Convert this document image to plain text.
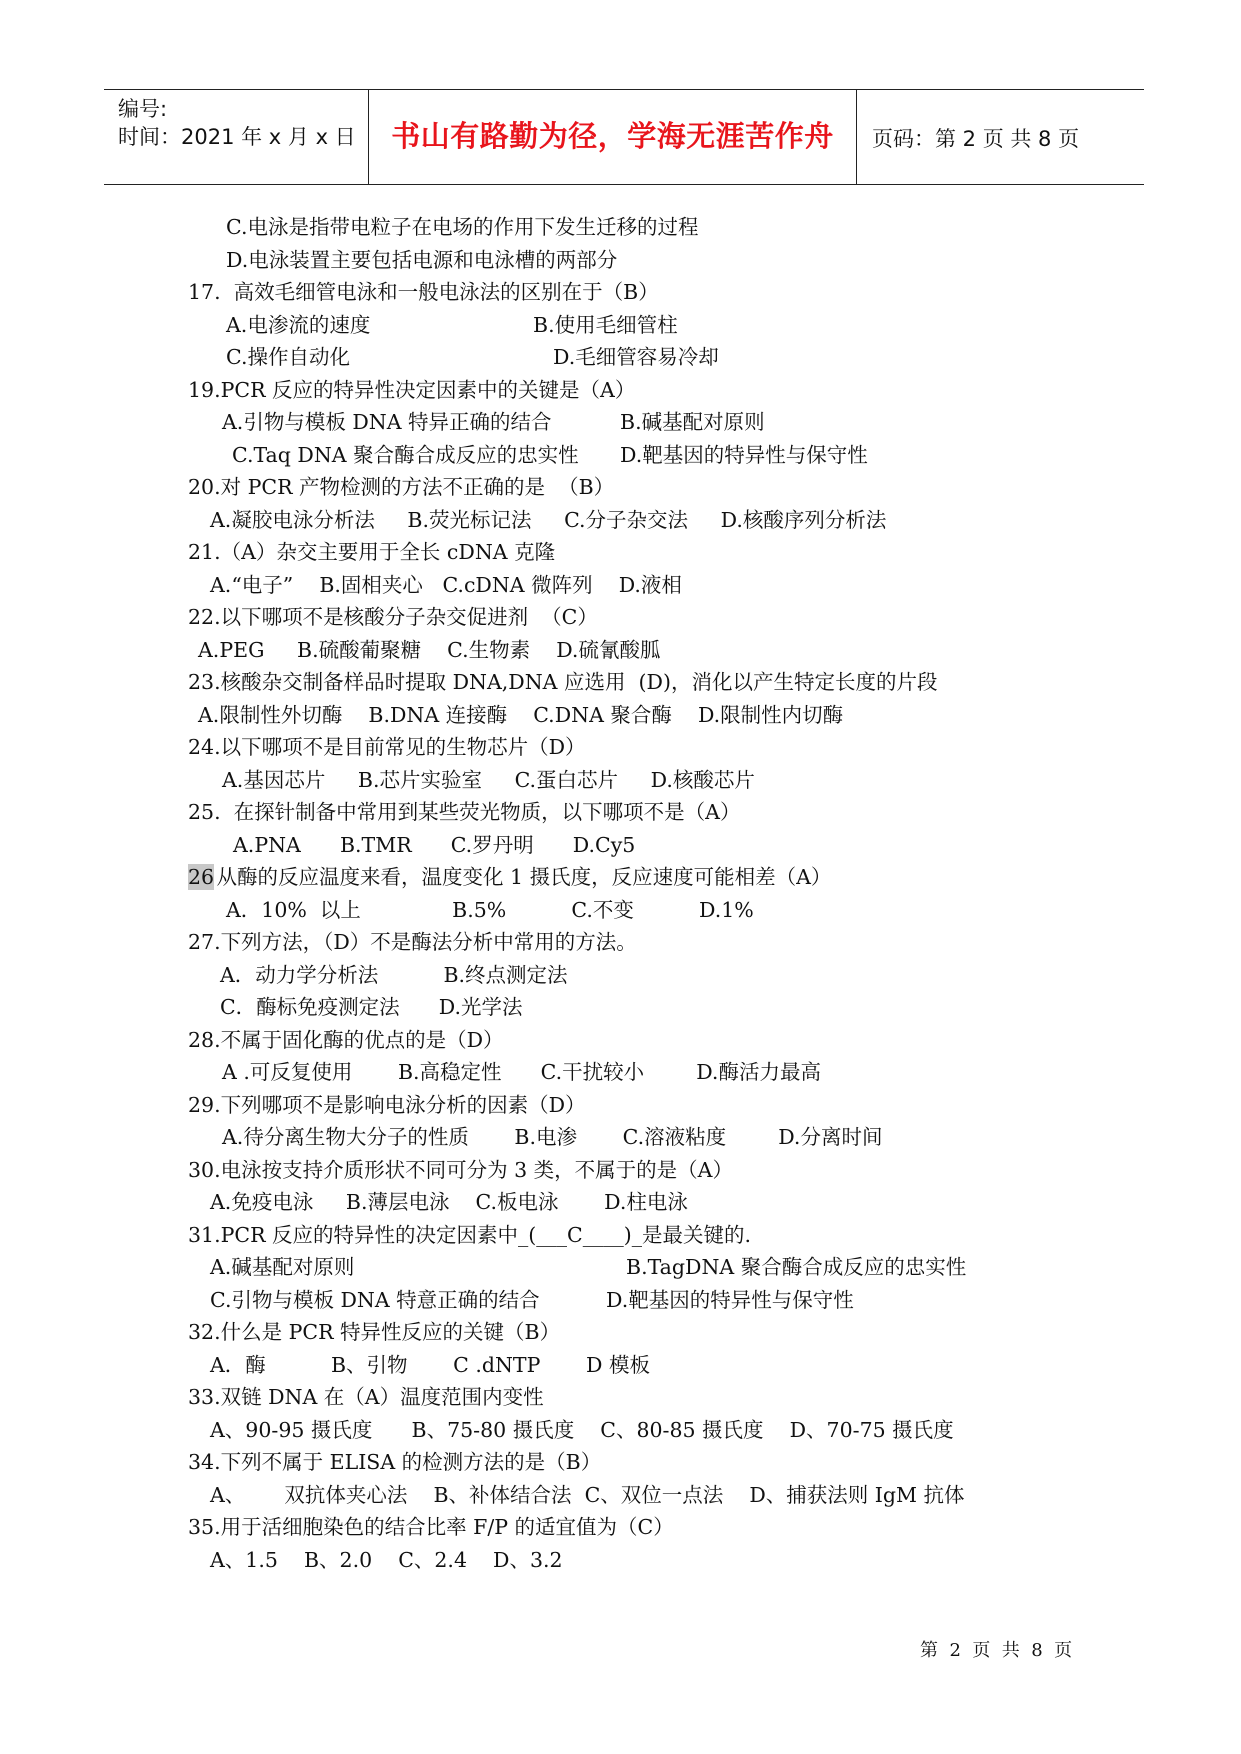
编号:
时间：2021 年 x 月 x 日	书山有路勤为径，学海无涯苦作舟	页码：第 2 页 共 8 页
C.电泳是指带电粒子在电场的作用下发生迁移的过程
D.电泳装置主要包括电源和电泳槽的两部分
17.  高效毛细管电泳和一般电泳法的区别在于（B）
A.电渗流的速度	B.使用毛细管柱
C.操作自动化	D.毛细管容易冷却
19.PCR 反应的特异性决定因素中的关键是（A）
A.引物与模板 DNA 特异正确的结合	B.碱基配对原则
C.Taq DNA 聚合酶合成反应的忠实性 D.靶基因的特异性与保守性
20.对 PCR 产物检测的方法不正确的是  （B）
A.凝胶电泳分析法     B.荧光标记法     C.分子杂交法     D.核酸序列分析法
21.（A）杂交主要用于全长 cDNA 克隆
A.“电子”    B.固相夹心   C.cDNA 微阵列    D.液相
22.以下哪项不是核酸分子杂交促进剂  （C）
A.PEG     B.硫酸葡聚糖    C.生物素    D.硫氰酸胍
23.核酸杂交制备样品时提取 DNA,DNA 应选用  (D)，消化以产生特定长度的片段
A.限制性外切酶    B.DNA 连接酶    C.DNA 聚合酶    D.限制性内切酶
24.以下哪项不是目前常见的生物芯片（D）
A.基因芯片     B.芯片实验室     C.蛋白芯片     D.核酸芯片
25.  在探针制备中常用到某些荧光物质，以下哪项不是（A）
A.PNA      B.TMR      C.罗丹明      D.Cy5
26
从酶的反应温度来看，温度变化 1 摄氏度，反应速度可能相差（A）
A．10%  以上              B.5%          C.不变          D.1%
27.下列方法，（D）不是酶法分析中常用的方法。
A．动力学分析法          B.终点测定法
C．酶标免疫测定法      D.光学法
28.不属于固化酶的优点的是（D）
A .可反复使用       B.高稳定性      C.干扰较小        D.酶活力最高
29.下列哪项不是影响电泳分析的因素（D）
A.待分离生物大分子的性质       B.电渗       C.溶液粘度        D.分离时间
30.电泳按支持介质形状不同可分为 3 类，不属于的是（A）
A.免疫电泳     B.薄层电泳    C.板电泳       D.柱电泳
31.PCR 反应的特异性的决定因素中_(___C____)_是最关键的.
A.碱基配对原则	B.TagDNA 聚合酶合成反应的忠实性
C.引物与模板 DNA 特意正确的结合	D.靶基因的特异性与保守性
32.什么是 PCR 特异性反应的关键（B）
A．酶          B、引物       C .dNTP       D 模板
33.双链 DNA 在（A）温度范围内变性
A、90-95 摄氏度      B、75-80 摄氏度    C、80-85 摄氏度    D、70-75 摄氏度
34.下列不属于 ELISA 的检测方法的是（B）
A、      双抗体夹心法    B、补体结合法  C、双位一点法    D、捕获法则 IgM 抗体
35.用于活细胞染色的结合比率 F/P 的适宜值为（C）
A、1.5    B、2.0    C、2.4    D、3.2
第  2  页  共  8  页
